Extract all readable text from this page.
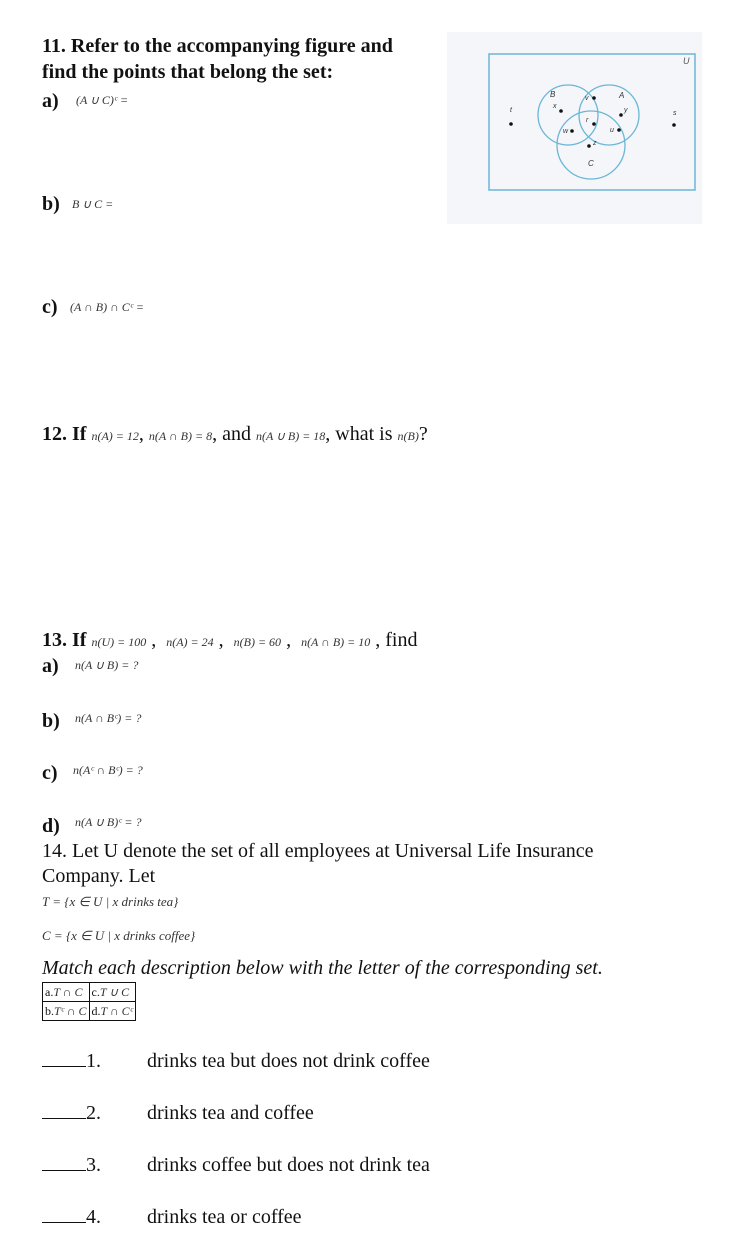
11. Refer to the accompanying figure and
find the points that belong the set:
a) (A ∪ C)ᶜ =
b) B ∪ C =
c) (A ∩ B) ∩ Cᶜ =
U
B	A
C
t
x
v
r
w	u
y
z
s
12. If n(A) = 12, n(A ∩ B) = 8, and n(A ∪ B) = 18, what is n(B)?
13. If n(U) = 100 , n(A) = 24 , n(B) = 60 , n(A ∩ B) = 10 , find
a) n(A ∪ B) = ?
b) n(A ∩ Bᶜ) = ?
c) n(Aᶜ ∩ Bᶜ) = ?
d) n(A ∪ B)ᶜ = ?
14. Let U denote the set of all employees at Universal Life Insurance
Company. Let
T = {x ∈ U | x drinks tea}
C = {x ∈ U | x drinks coffee}
Match each description below with the letter of the corresponding set.
a.T ∩ C	c.T ∪ C
b.Tᶜ ∩ C	d.T ∩ Cᶜ
1. drinks tea but does not drink coffee
2. drinks tea and coffee
3. drinks coffee but does not drink tea
4. drinks tea or coffee
